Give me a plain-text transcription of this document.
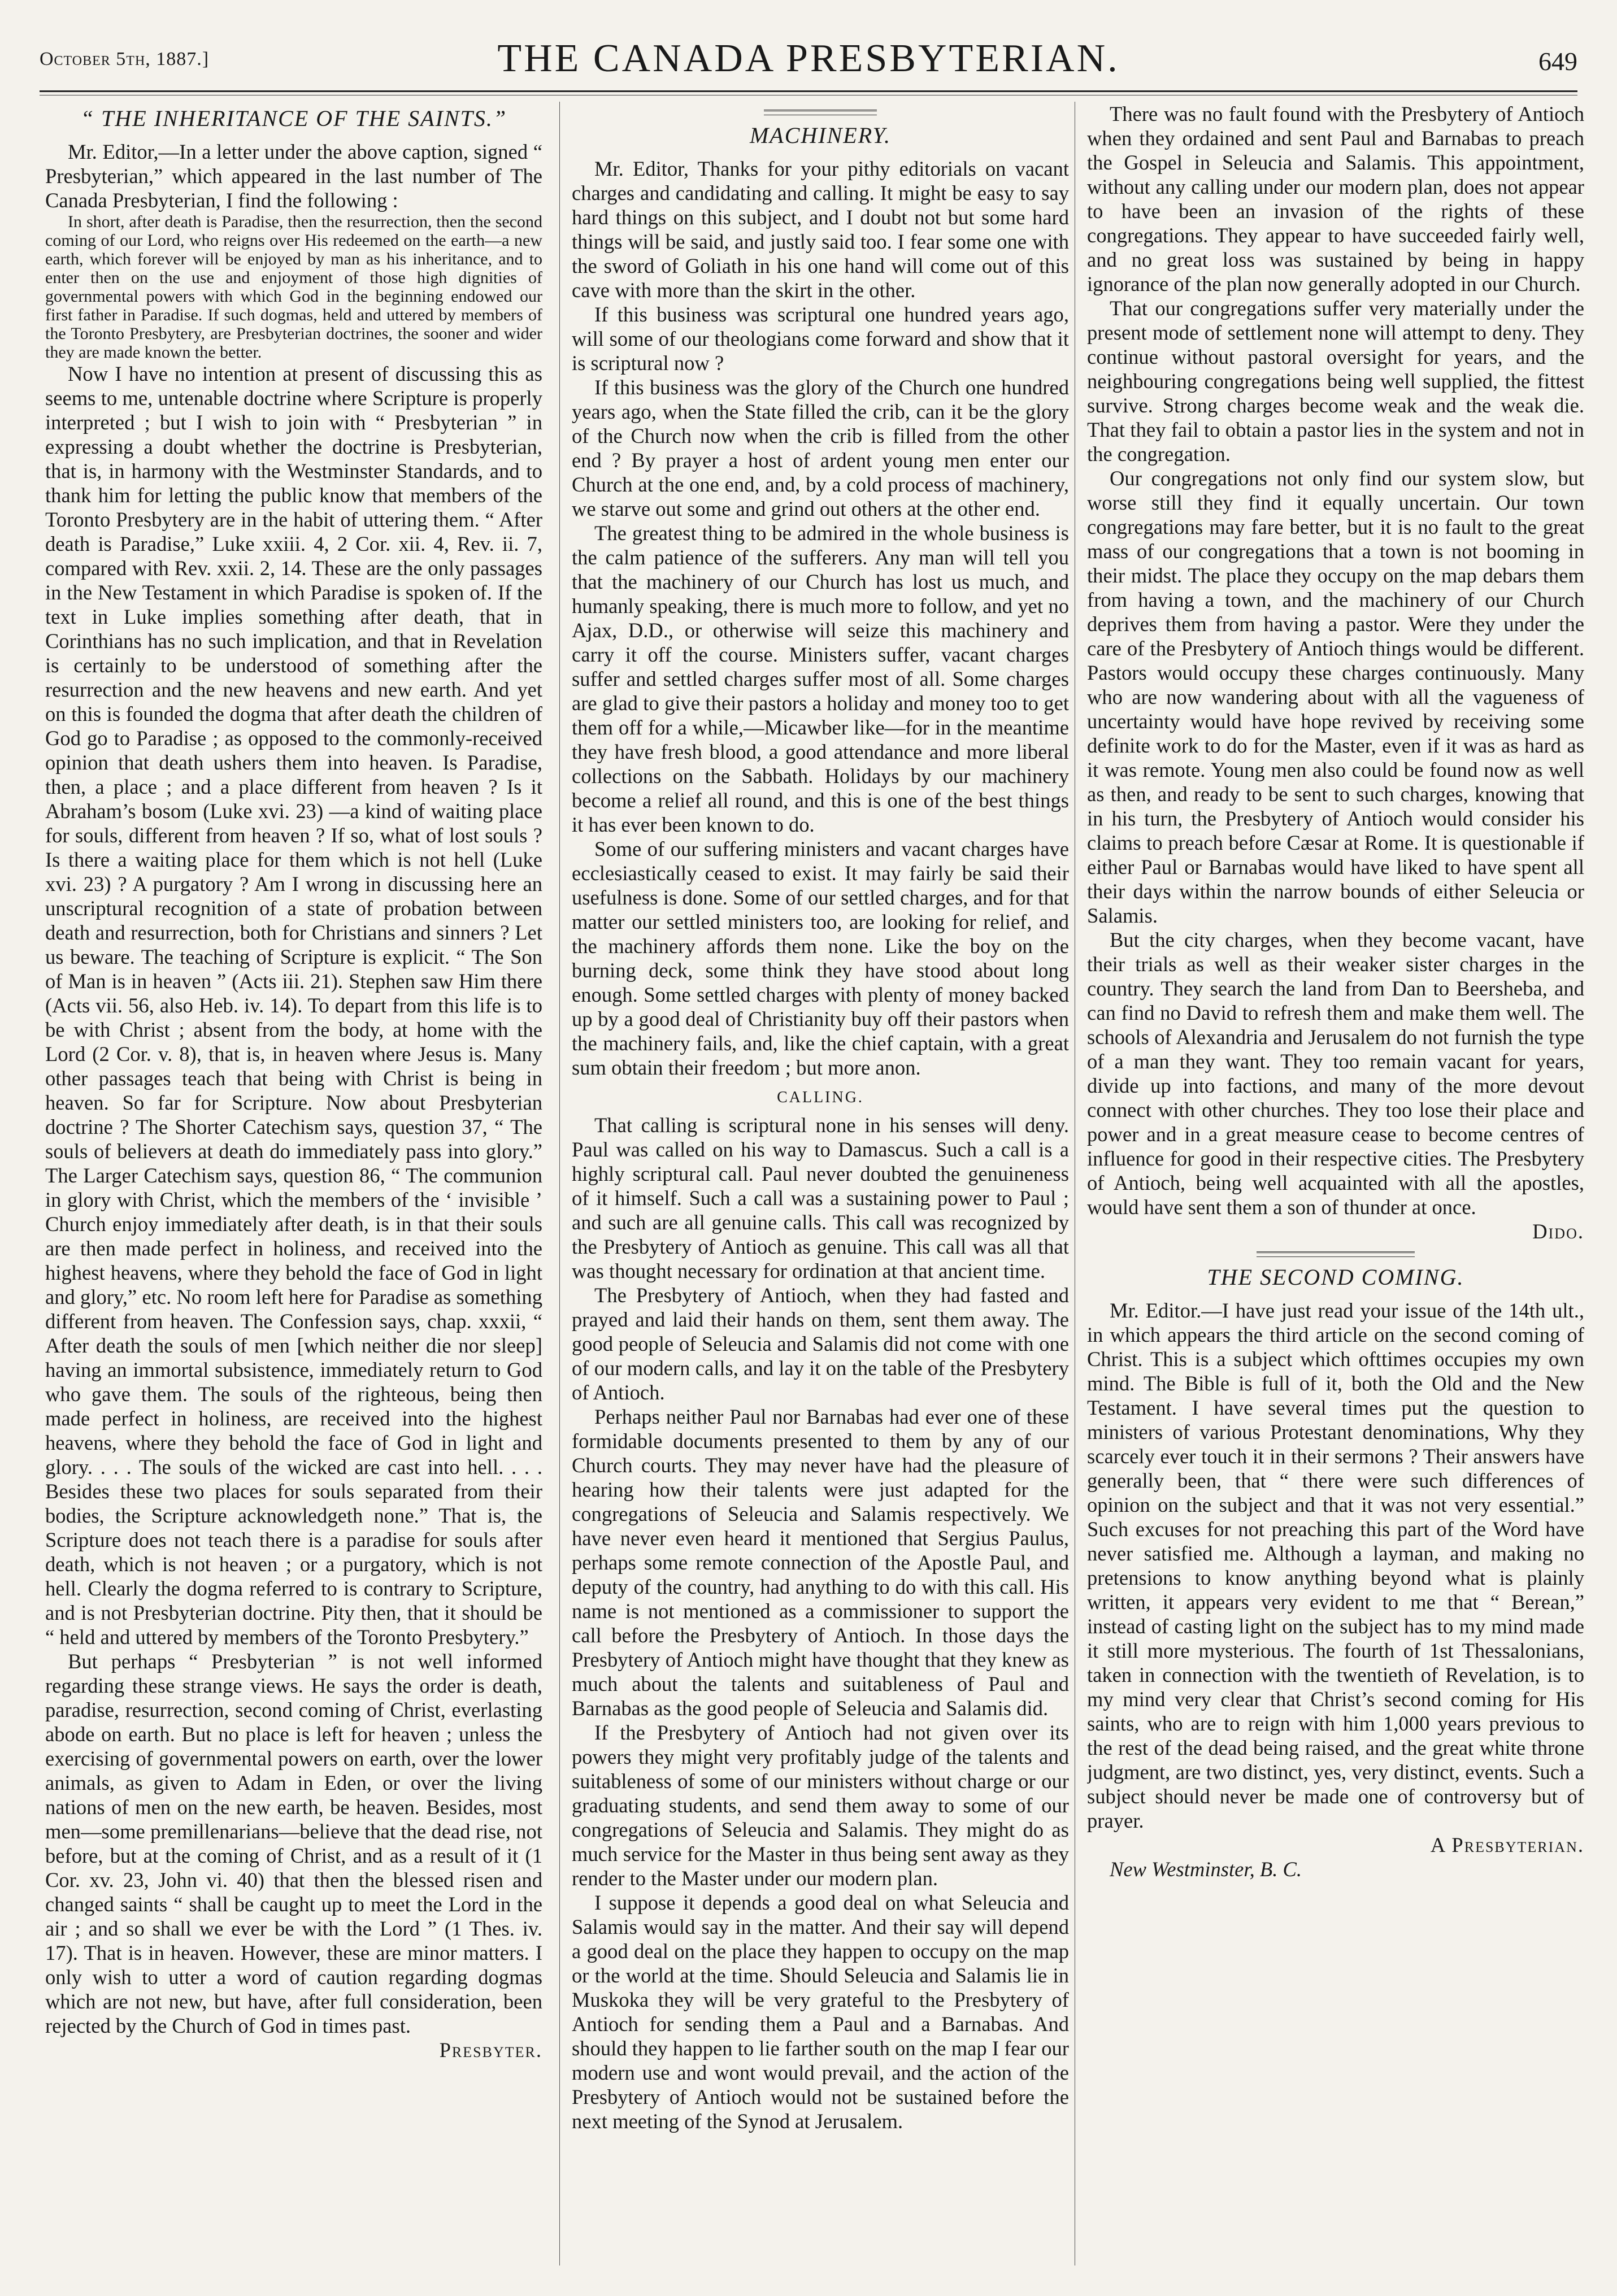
October 5th, 1887.]	THE CANADA PRESBYTERIAN.	649
“ THE INHERITANCE OF THE SAINTS.”

Mr. Editor,—In a letter under the above caption, signed “ Presbyterian,” which appeared in the last number of The Canada Presbyterian, I find the following :

In short, after death is Paradise, then the resurrection, then the second coming of our Lord, who reigns over His redeemed on the earth—a new earth, which forever will be enjoyed by man as his inheritance, and to enter then on the use and enjoyment of those high dignities of governmental powers with which God in the beginning endowed our first father in Paradise. If such dogmas, held and uttered by members of the Toronto Presbytery, are Presbyterian doctrines, the sooner and wider they are made known the better.

Now I have no intention at present of discussing this as seems to me, untenable doctrine where Scripture is properly interpreted ; but I wish to join with “ Presbyterian ” in expressing a doubt whether the doctrine is Presbyterian, that is, in harmony with the Westminster Standards, and to thank him for letting the public know that members of the Toronto Presbytery are in the habit of uttering them. “ After death is Paradise,” Luke xxiii. 4, 2 Cor. xii. 4, Rev. ii. 7, compared with Rev. xxii. 2, 14. These are the only passages in the New Testament in which Paradise is spoken of. If the text in Luke implies something after death, that in Corinthians has no such implication, and that in Revelation is certainly to be understood of something after the resurrection and the new heavens and new earth. And yet on this is founded the dogma that after death the children of God go to Paradise ; as opposed to the commonly-received opinion that death ushers them into heaven. Is Paradise, then, a place ; and a place different from heaven ? Is it Abraham’s bosom (Luke xvi. 23) —a kind of waiting place for souls, different from heaven ? If so, what of lost souls ? Is there a waiting place for them which is not hell (Luke xvi. 23) ? A purgatory ? Am I wrong in discussing here an unscriptural recognition of a state of probation between death and resurrection, both for Christians and sinners ? Let us beware. The teaching of Scripture is explicit. “ The Son of Man is in heaven ” (Acts iii. 21). Stephen saw Him there (Acts vii. 56, also Heb. iv. 14). To depart from this life is to be with Christ ; absent from the body, at home with the Lord (2 Cor. v. 8), that is, in heaven where Jesus is. Many other passages teach that being with Christ is being in heaven. So far for Scripture. Now about Presbyterian doctrine ? The Shorter Catechism says, question 37, “ The souls of believers at death do immediately pass into glory.” The Larger Catechism says, question 86, “ The communion in glory with Christ, which the members of the ‘ invisible ’ Church enjoy immediately after death, is in that their souls are then made perfect in holiness, and received into the highest heavens, where they behold the face of God in light and glory,” etc. No room left here for Paradise as something different from heaven. The Confession says, chap. xxxii, “ After death the souls of men [which neither die nor sleep] having an immortal subsistence, immediately return to God who gave them. The souls of the righteous, being then made perfect in holiness, are received into the highest heavens, where they behold the face of God in light and glory. . . . The souls of the wicked are cast into hell. . . . Besides these two places for souls separated from their bodies, the Scripture acknowledgeth none.” That is, the Scripture does not teach there is a paradise for souls after death, which is not heaven ; or a purgatory, which is not hell. Clearly the dogma referred to is contrary to Scripture, and is not Presbyterian doctrine. Pity then, that it should be “ held and uttered by members of the Toronto Presbytery.”

But perhaps “ Presbyterian ” is not well informed regarding these strange views. He says the order is death, paradise, resurrection, second coming of Christ, everlasting abode on earth. But no place is left for heaven ; unless the exercising of governmental powers on earth, over the lower animals, as given to Adam in Eden, or over the living nations of men on the new earth, be heaven. Besides, most men—some premillenarians—believe that the dead rise, not before, but at the coming of Christ, and as a result of it (1 Cor. xv. 23, John vi. 40) that then the blessed risen and changed saints “ shall be caught up to meet the Lord in the air ; and so shall we ever be with the Lord ” (1 Thes. iv. 17). That is in heaven. However, these are minor matters. I only wish to utter a word of caution regarding dogmas which are not new, but have, after full consideration, been rejected by the Church of God in times past.

Presbyter.

MACHINERY.

Mr. Editor, Thanks for your pithy editorials on vacant charges and candidating and calling. It might be easy to say hard things on this subject, and I doubt not but some hard things will be said, and justly said too. I fear some one with the sword of Goliath in his one hand will come out of this cave with more than the skirt in the other.

If this business was scriptural one hundred years ago, will some of our theologians come forward and show that it is scriptural now ?

If this business was the glory of the Church one hundred years ago, when the State filled the crib, can it be the glory of the Church now when the crib is filled from the other end ? By prayer a host of ardent young men enter our Church at the one end, and, by a cold process of machinery, we starve out some and grind out others at the other end.

The greatest thing to be admired in the whole business is the calm patience of the sufferers. Any man will tell you that the machinery of our Church has lost us much, and humanly speaking, there is much more to follow, and yet no Ajax, D.D., or otherwise will seize this machinery and carry it off the course. Ministers suffer, vacant charges suffer and settled charges suffer most of all. Some charges are glad to give their pastors a holiday and money too to get them off for a while,—Micawber like—for in the meantime they have fresh blood, a good attendance and more liberal collections on the Sabbath. Holidays by our machinery become a relief all round, and this is one of the best things it has ever been known to do.

Some of our suffering ministers and vacant charges have ecclesiastically ceased to exist. It may fairly be said their usefulness is done. Some of our settled charges, and for that matter our settled ministers too, are looking for relief, and the machinery affords them none. Like the boy on the burning deck, some think they have stood about long enough. Some settled charges with plenty of money backed up by a good deal of Christianity buy off their pastors when the machinery fails, and, like the chief captain, with a great sum obtain their freedom ; but more anon.

CALLING.

That calling is scriptural none in his senses will deny. Paul was called on his way to Damascus. Such a call is a highly scriptural call. Paul never doubted the genuineness of it himself. Such a call was a sustaining power to Paul ; and such are all genuine calls. This call was recognized by the Presbytery of Antioch as genuine. This call was all that was thought necessary for ordination at that ancient time.

The Presbytery of Antioch, when they had fasted and prayed and laid their hands on them, sent them away. The good people of Seleucia and Salamis did not come with one of our modern calls, and lay it on the table of the Presbytery of Antioch.

Perhaps neither Paul nor Barnabas had ever one of these formidable documents presented to them by any of our Church courts. They may never have had the pleasure of hearing how their talents were just adapted for the congregations of Seleucia and Salamis respectively. We have never even heard it mentioned that Sergius Paulus, perhaps some remote connection of the Apostle Paul, and deputy of the country, had anything to do with this call. His name is not mentioned as a commissioner to support the call before the Presbytery of Antioch. In those days the Presbytery of Antioch might have thought that they knew as much about the talents and suitableness of Paul and Barnabas as the good people of Seleucia and Salamis did.

If the Presbytery of Antioch had not given over its powers they might very profitably judge of the talents and suitableness of some of our ministers without charge or our graduating students, and send them away to some of our congregations of Seleucia and Salamis. They might do as much service for the Master in thus being sent away as they render to the Master under our modern plan.

I suppose it depends a good deal on what Seleucia and Salamis would say in the matter. And their say will depend a good deal on the place they happen to occupy on the map or the world at the time. Should Seleucia and Salamis lie in Muskoka they will be very grateful to the Presbytery of Antioch for sending them a Paul and a Barnabas. And should they happen to lie farther south on the map I fear our modern use and wont would prevail, and the action of the Presbytery of Antioch would not be sustained before the next meeting of the Synod at Jerusalem.

There was no fault found with the Presbytery of Antioch when they ordained and sent Paul and Barnabas to preach the Gospel in Seleucia and Salamis. This appointment, without any calling under our modern plan, does not appear to have been an invasion of the rights of these congregations. They appear to have succeeded fairly well, and no great loss was sustained by being in happy ignorance of the plan now generally adopted in our Church.

That our congregations suffer very materially under the present mode of settlement none will attempt to deny. They continue without pastoral oversight for years, and the neighbouring congregations being well supplied, the fittest survive. Strong charges become weak and the weak die. That they fail to obtain a pastor lies in the system and not in the congregation.

Our congregations not only find our system slow, but worse still they find it equally uncertain. Our town congregations may fare better, but it is no fault to the great mass of our congregations that a town is not booming in their midst. The place they occupy on the map debars them from having a town, and the machinery of our Church deprives them from having a pastor. Were they under the care of the Presbytery of Antioch things would be different. Pastors would occupy these charges continuously. Many who are now wandering about with all the vagueness of uncertainty would have hope revived by receiving some definite work to do for the Master, even if it was as hard as it was remote. Young men also could be found now as well as then, and ready to be sent to such charges, knowing that in his turn, the Presbytery of Antioch would consider his claims to preach before Cæsar at Rome. It is questionable if either Paul or Barnabas would have liked to have spent all their days within the narrow bounds of either Seleucia or Salamis.

But the city charges, when they become vacant, have their trials as well as their weaker sister charges in the country. They search the land from Dan to Beersheba, and can find no David to refresh them and make them well. The schools of Alexandria and Jerusalem do not furnish the type of a man they want. They too remain vacant for years, divide up into factions, and many of the more devout connect with other churches. They too lose their place and power and in a great measure cease to become centres of influence for good in their respective cities. The Presbytery of Antioch, being well acquainted with all the apostles, would have sent them a son of thunder at once.

Dido.

THE SECOND COMING.

Mr. Editor.—I have just read your issue of the 14th ult., in which appears the third article on the second coming of Christ. This is a subject which ofttimes occupies my own mind. The Bible is full of it, both the Old and the New Testament. I have several times put the question to ministers of various Protestant denominations, Why they scarcely ever touch it in their sermons ? Their answers have generally been, that “ there were such differences of opinion on the subject and that it was not very essential.” Such excuses for not preaching this part of the Word have never satisfied me. Although a layman, and making no pretensions to know anything beyond what is plainly written, it appears very evident to me that “ Berean,” instead of casting light on the subject has to my mind made it still more mysterious. The fourth of 1st Thessalonians, taken in connection with the twentieth of Revelation, is to my mind very clear that Christ’s second coming for His saints, who are to reign with him 1,000 years previous to the rest of the dead being raised, and the great white throne judgment, are two distinct, yes, very distinct, events. Such a subject should never be made one of controversy but of prayer.

A Presbyterian.

New Westminster, B. C.
